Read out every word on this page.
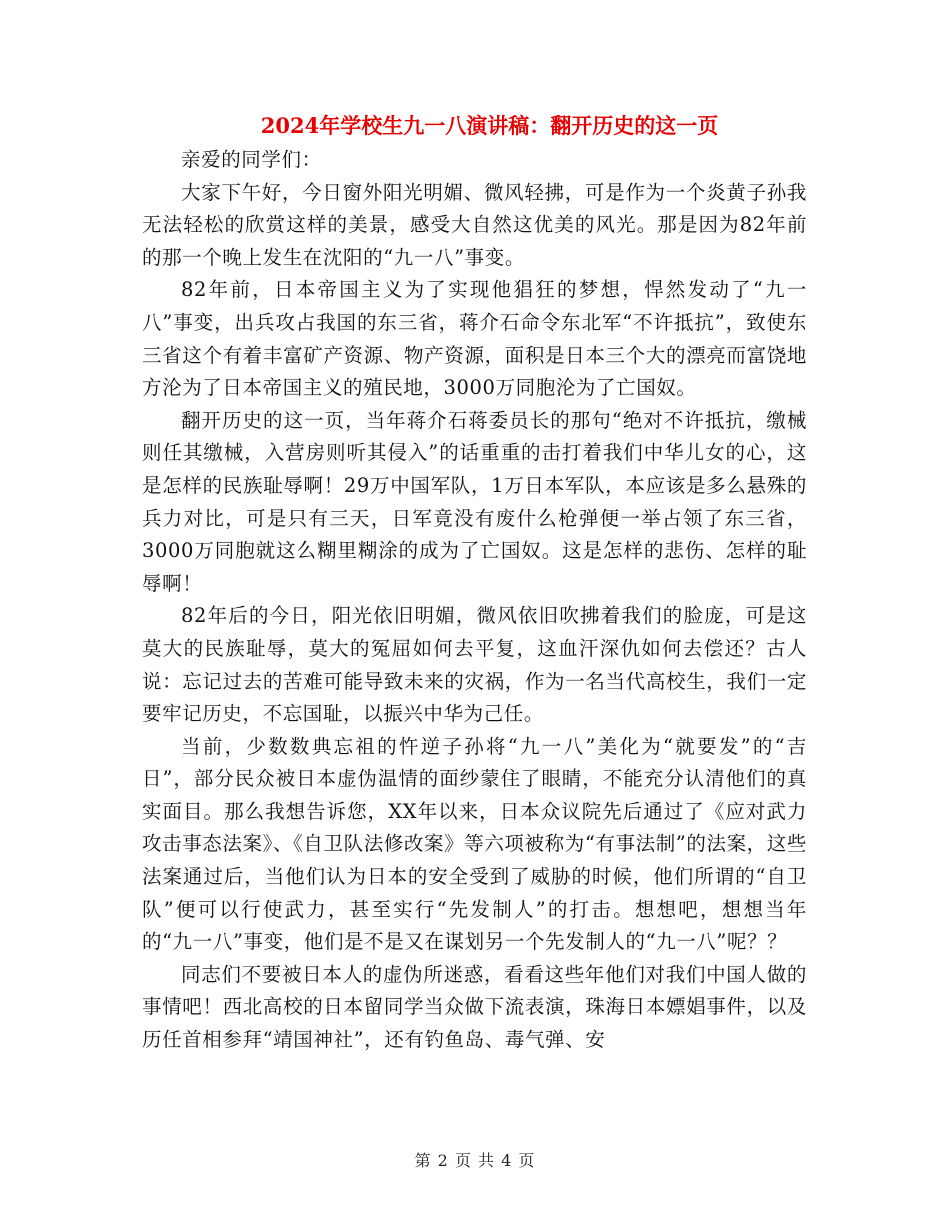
2024年学校生九一八演讲稿：翻开历史的这一页

亲爱的同学们：

大家下午好，今日窗外阳光明媚、微风轻拂，可是作为一个炎黄子孙我无法轻松的欣赏这样的美景，感受大自然这优美的风光。那是因为82年前的那一个晚上发生在沈阳的“九一八”事变。

82年前，日本帝国主义为了实现他猖狂的梦想，悍然发动了“九一八”事变，出兵攻占我国的东三省，蒋介石命令东北军“不许抵抗”，致使东三省这个有着丰富矿产资源、物产资源，面积是日本三个大的漂亮而富饶地方沦为了日本帝国主义的殖民地，3000万同胞沦为了亡国奴。

翻开历史的这一页，当年蒋介石蒋委员长的那句“绝对不许抵抗，缴械则任其缴械，入营房则听其侵入”的话重重的击打着我们中华儿女的心，这是怎样的民族耻辱啊！29万中国军队，1万日本军队，本应该是多么悬殊的兵力对比，可是只有三天，日军竟没有废什么枪弹便一举占领了东三省，3000万同胞就这么糊里糊涂的成为了亡国奴。这是怎样的悲伤、怎样的耻辱啊！

82年后的今日，阳光依旧明媚，微风依旧吹拂着我们的脸庞，可是这莫大的民族耻辱，莫大的冤屈如何去平复，这血汗深仇如何去偿还？古人说：忘记过去的苦难可能导致未来的灾祸，作为一名当代高校生，我们一定要牢记历史，不忘国耻，以振兴中华为己任。

当前，少数数典忘祖的忤逆子孙将“九一八”美化为“就要发”的“吉日”，部分民众被日本虚伪温情的面纱蒙住了眼睛，不能充分认清他们的真实面目。那么我想告诉您，XX年以来，日本众议院先后通过了《应对武力攻击事态法案》、《自卫队法修改案》等六项被称为“有事法制”的法案，这些法案通过后，当他们认为日本的安全受到了威胁的时候，他们所谓的“自卫队”便可以行使武力，甚至实行“先发制人”的打击。想想吧，想想当年的“九一八”事变，他们是不是又在谋划另一个先发制人的“九一八”呢？？

同志们不要被日本人的虚伪所迷惑，看看这些年他们对我们中国人做的事情吧！西北高校的日本留同学当众做下流表演，珠海日本嫖娼事件，以及历任首相参拜“靖国神社”，还有钓鱼岛、毒气弹、安

第 2 页 共 4 页
